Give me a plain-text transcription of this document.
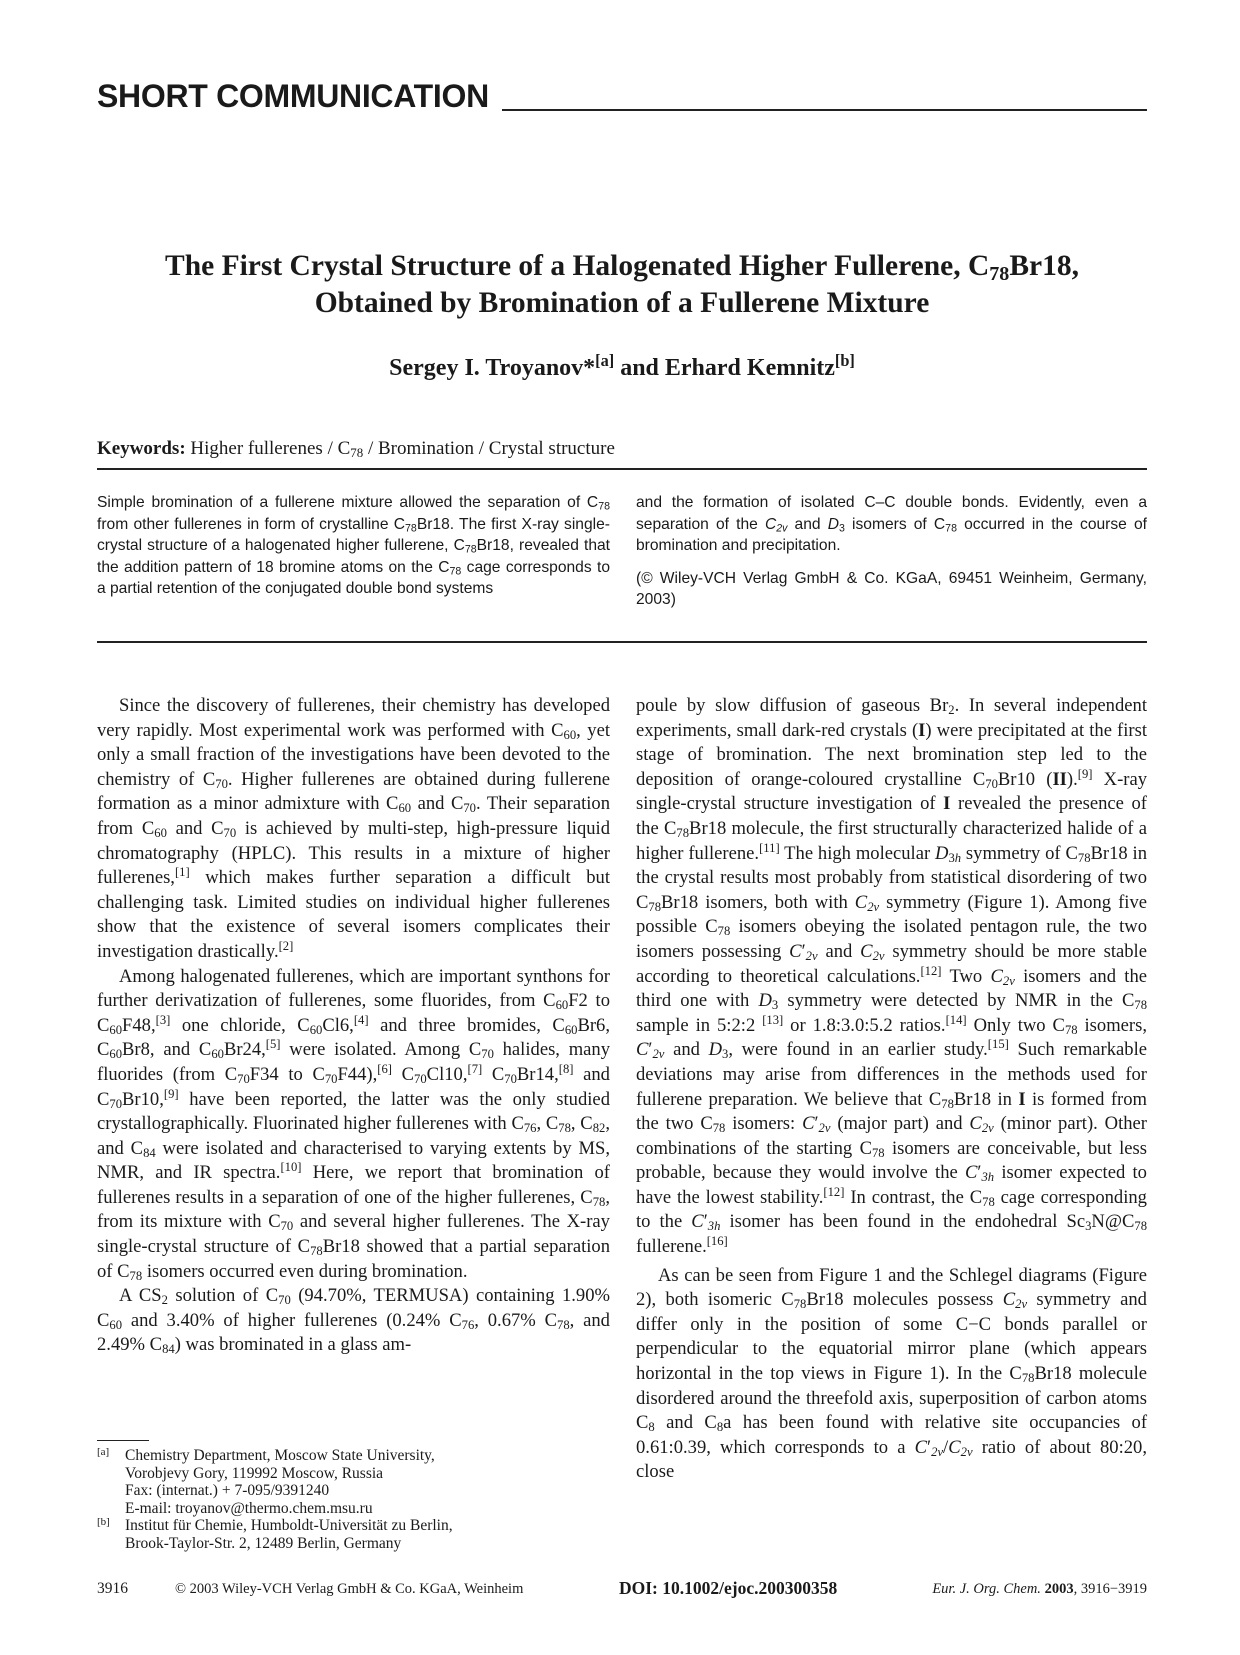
SHORT COMMUNICATION
The First Crystal Structure of a Halogenated Higher Fullerene, $C_{78}Br18$,
Obtained by Bromination of a Fullerene Mixture
Sergey I. Troyanov*[a] and Erhard Kemnitz[b]
Keywords: Higher fullerenes / $C_{78}$ / Bromination / Crystal structure

Simple bromination of a fullerene mixture allowed the separation of $C_{78}$ from other fullerenes in form of crystalline $C_{78}Br18$. The first X-ray single-crystal structure of a halogenated higher fullerene, $C_{78}Br18$, revealed that the addition pattern of 18 bromine atoms on the $C_{78}$ cage corresponds to a partial retention of the conjugated double bond systems

and the formation of isolated C–C double bonds. Evidently, even a separation of the $C_{2v}$ and $D_3$ isomers of $C_{78}$ occurred in the course of bromination and precipitation.

(© Wiley-VCH Verlag GmbH & Co. KGaA, 69451 Weinheim, Germany, 2003)

Since the discovery of fullerenes, their chemistry has developed very rapidly. Most experimental work was performed with $C_{60}$, yet only a small fraction of the investigations have been devoted to the chemistry of $C_{70}$. Higher fullerenes are obtained during fullerene formation as a minor admixture with $C_{60}$ and $C_{70}$. Their separation from $C_{60}$ and $C_{70}$ is achieved by multi-step, high-pressure liquid chromatography (HPLC). This results in a mixture of higher fullerenes,[1] which makes further separation a difficult but challenging task. Limited studies on individual higher fullerenes show that the existence of several isomers complicates their investigation drastically.[2]

Among halogenated fullerenes, which are important synthons for further derivatization of fullerenes, some fluorides, from $C_{60}F2$ to $C_{60}F48,[3]$ one chloride, $C_{60}Cl6,[4]$ and three bromides, $C_{60}Br6$, $C_{60}Br8$, and $C_{60}Br24,[5]$ were isolated. Among $C_{70}$ halides, many fluorides (from $C_{70}F34$ to $C_{70}F44),[6]$ $C_{70}Cl10,[7]$ $C_{70}Br14,[8]$ and $C_{70}Br10,[9]$ have been reported, the latter was the only studied crystallographically. Fluorinated higher fullerenes with $C_{76}$, $C_{78}$, $C_{82}$, and $C_{84}$ were isolated and characterised to varying extents by MS, NMR, and IR spectra.[10] Here, we report that bromination of fullerenes results in a separation of one of the higher fullerenes, $C_{78}$, from its mixture with $C_{70}$ and several higher fullerenes. The X-ray single-crystal structure of $C_{78}Br18$ showed that a partial separation of $C_{78}$ isomers occurred even during bromination.

A $CS_2$ solution of $C_{70}$ (94.70%, TERMUSA) containing 1.90% $C_{60}$ and 3.40% of higher fullerenes (0.24% $C_{76}$, 0.67% $C_{78}$, and 2.49% $C_{84}$) was brominated in a glass am-

poule by slow diffusion of gaseous $Br_2$. In several independent experiments, small dark-red crystals (I) were precipitated at the first stage of bromination. The next bromination step led to the deposition of orange-coloured crystalline $C_{70}Br10$ (II).[9] X-ray single-crystal structure investigation of I revealed the presence of the $C_{78}Br18$ molecule, the first structurally characterized halide of a higher fullerene.[11] The high molecular $D_{3h}$ symmetry of $C_{78}Br18$ in the crystal results most probably from statistical disordering of two $C_{78}Br18$ isomers, both with $C_{2v}$ symmetry (Figure 1). Among five possible $C_{78}$ isomers obeying the isolated pentagon rule, the two isomers possessing $C'_{2v}$ and $C_{2v}$ symmetry should be more stable according to theoretical calculations.[12] Two $C_{2v}$ isomers and the third one with $D_3$ symmetry were detected by NMR in the $C_{78}$ sample in 5:2:2 [13] or 1.8:3.0:5.2 ratios.[14] Only two $C_{78}$ isomers, $C'_{2v}$ and $D_3$, were found in an earlier study.[15] Such remarkable deviations may arise from differences in the methods used for fullerene preparation. We believe that $C_{78}Br18$ in I is formed from the two $C_{78}$ isomers: $C'_{2v}$ (major part) and $C_{2v}$ (minor part). Other combinations of the starting $C_{78}$ isomers are conceivable, but less probable, because they would involve the $C'_{3h}$ isomer expected to have the lowest stability.[12] In contrast, the $C_{78}$ cage corresponding to the $C'_{3h}$ isomer has been found in the endohedral $Sc_3N@C_{78}$ fullerene.[16]

As can be seen from Figure 1 and the Schlegel diagrams (Figure 2), both isomeric $C_{78}Br18$ molecules possess $C_{2v}$ symmetry and differ only in the position of some C−C bonds parallel or perpendicular to the equatorial mirror plane (which appears horizontal in the top views in Figure 1). In the $C_{78}Br18$ molecule disordered around the threefold axis, superposition of carbon atoms $C_8$ and $C_8a$ has been found with relative site occupancies of 0.61:0.39, which corresponds to a $C'_{2v}/C_{2v}$ ratio of about 80:20, close

[a] Chemistry Department, Moscow State University,
Vorobjevy Gory, 119992 Moscow, Russia
Fax: (internat.) + 7-095/9391240
E-mail: troyanov@thermo.chem.msu.ru
[b] Institut für Chemie, Humboldt-Universität zu Berlin,
Brook-Taylor-Str. 2, 12489 Berlin, Germany
3916	© 2003 Wiley-VCH Verlag GmbH & Co. KGaA, Weinheim	DOI: 10.1002/ejoc.200300358	Eur. J. Org. Chem. 2003, 3916−3919
